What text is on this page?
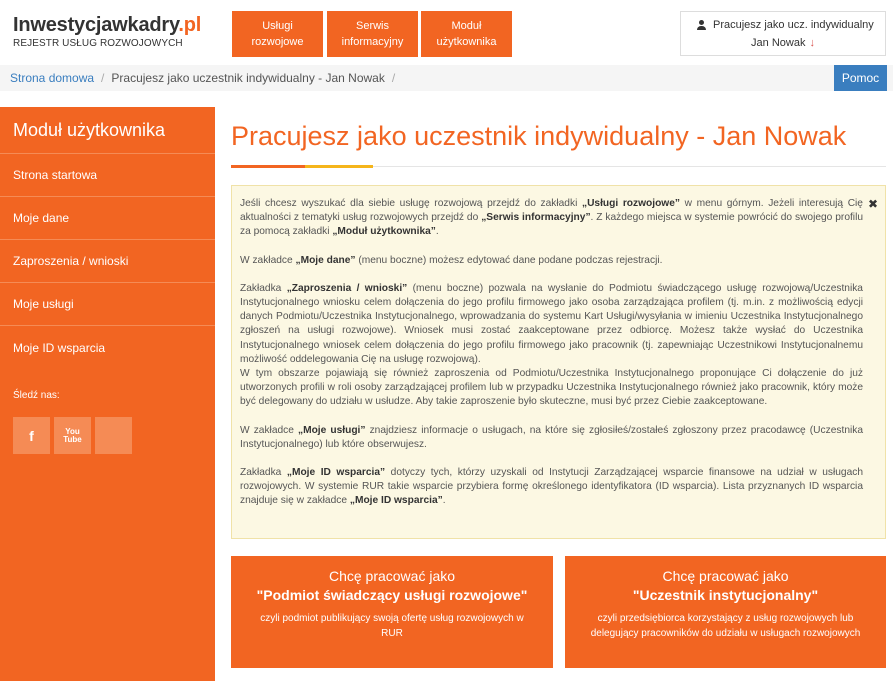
Inwestycjawkadry.pl
REJESTR USŁUG ROZWOJOWYCH
Usługi
rozwojowe
Serwis
informacyjny
Moduł
użytkownika
Pracujesz jako ucz. indywidualny
Jan Nowak ↓
Strona domowa / Pracujesz jako uczestnik indywidualny - Jan Nowak /	Pomoc
Moduł użytkownika
Strona startowa
Moje dane
Zaproszenia / wnioski
Moje usługi
Moje ID wsparcia
Śledź nas:
f	You
Tube
Pracujesz jako uczestnik indywidualny - Jan Nowak
✖

Jeśli chcesz wyszukać dla siebie usługę rozwojową przejdź do zakładki „Usługi rozwojowe” w menu górnym. Jeżeli interesują Cię aktualności z tematyki usług rozwojowych przejdź do „Serwis informacyjny”. Z każdego miejsca w systemie powrócić do swojego profilu za pomocą zakładki „Moduł użytkownika”.

W zakładce „Moje dane” (menu boczne) możesz edytować dane podane podczas rejestracji.

Zakładka „Zaproszenia / wnioski” (menu boczne) pozwala na wysłanie do Podmiotu świadczącego usługę rozwojową/Uczestnika Instytucjonalnego wniosku celem dołączenia do jego profilu firmowego jako osoba zarządzająca profilem (tj. m.in. z możliwością edycji danych Podmiotu/Uczestnika Instytucjonalnego, wprowadzania do systemu Kart Usługi/wysyłania w imieniu Uczestnika Instytucjonalnego zgłoszeń na usługi rozwojowe). Wniosek musi zostać zaakceptowane przez odbiorcę. Możesz także wysłać do Uczestnika Instytucjonalnego wniosek celem dołączenia do jego profilu firmowego jako pracownik (tj. zapewniając Uczestnikowi Instytucjonalnemu możliwość oddelegowania Cię na usługę rozwojową).

W tym obszarze pojawiają się również zaproszenia od Podmiotu/Uczestnika Instytucjonalnego proponujące Ci dołączenie do już utworzonych profili w roli osoby zarządzającej profilem lub w przypadku Uczestnika Instytucjonalnego również jako pracownik, który może być delegowany do udziału w usłudze. Aby takie zaproszenie było skuteczne, musi być przez Ciebie zaakceptowane.

W zakładce „Moje usługi” znajdziesz informacje o usługach, na które się zgłosiłeś/zostałeś zgłoszony przez pracodawcę (Uczestnika Instytucjonalnego) lub które obserwujesz.

Zakładka „Moje ID wsparcia” dotyczy tych, którzy uzyskali od Instytucji Zarządzającej wsparcie finansowe na udział w usługach rozwojowych. W systemie RUR takie wsparcie przybiera formę określonego identyfikatora (ID wsparcia). Lista przyznanych ID wsparcia znajduje się w zakładce „Moje ID wsparcia”.

Chcę pracować jako
"Podmiot świadczący usługi rozwojowe"
czyli podmiot publikujący swoją ofertę usług rozwojowych w RUR
Chcę pracować jako
"Uczestnik instytucjonalny"
czyli przedsiębiorca korzystający z usług rozwojowych lub delegujący pracowników do udziału w usługach rozwojowych
